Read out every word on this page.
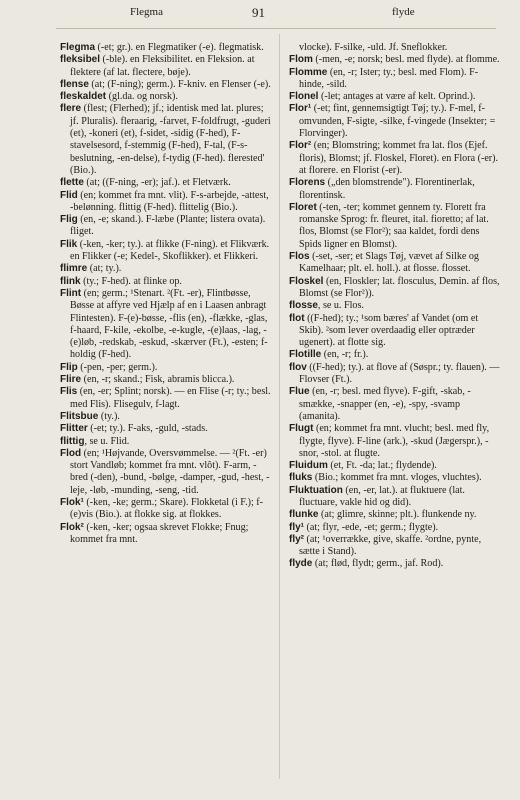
Flegma	91	flyde

Flegma (-et; gr.). en Flegmatiker (-e). flegmatisk.

fleksibel (-ble). en Fleksibilitet. en Fleksion. at flektere (af lat. flectere, bøje).

flense (at; (F-ning); germ.). F-kniv. en Flenser (-e).

fleskaldet (gl.da. og norsk).

flere (flest; (Flerhed); jf.; identisk med lat. plures; jf. Pluralis). fleraarig, -farvet, F-foldfrugt, -guderi (et), -koneri (et), f-sidet, -sidig (F-hed), F-stavelsesord, f-stemmig (F-hed), F-tal, (F-s-beslutning, -en-delse), f-tydig (F-hed). flerested' (Bio.).

flette (at; ((F-ning, -er); jaf.). et Fletværk.

Flid (en; kommet fra mnt. vlit). F-s-arbejde, -attest, -belønning. flittig (F-hed). flittelig (Bio.).

Flig (en, -e; skand.). F-læbe (Plante; listera ovata). fliget.

Flik (-ken, -ker; ty.). at flikke (F-ning). et Flikværk. en Flikker (-e; Kedel-, Skoflikker). et Flikkeri.

flimre (at; ty.).

flink (ty.; F-hed). at flinke op.

Flint (en; germ.; ¹Stenart. ²(Ft. -er), Flintbøsse, Bøsse at affyre ved Hjælp af en i Laasen anbragt Flintesten). F-(e)-bøsse, -flis (en), -flække, -glas, f-haard, F-kile, -ekolbe, -e-kugle, -(e)laas, -lag, -(e)løb, -redskab, -eskud, -skærver (Ft.), -esten; f-holdig (F-hed).

Flip (-pen, -per; germ.).

Flire (en, -r; skand.; Fisk, abramis blicca.).

Flis (en, -er; Splint; norsk). — en Flise (-r; ty.; besl. med Flis). Flisegulv, f-lagt.

Flitsbue (ty.).

Flitter (-et; ty.). F-aks, -guld, -stads.

flittig, se u. Flid.

Flod (en; ¹Højvande, Oversvømmelse. — ²(Ft. -er) stort Vandløb; kommet fra mnt. vlôt). F-arm, -bred (-den), -bund, -bølge, -damper, -gud, -hest, -leje, -løb, -munding, -seng, -tid.

Flok¹ (-ken, -ke; germ.; Skare). Flokketal (i F.); f-(e)vis (Bio.). at flokke sig. at flokkes.

Flok² (-ken, -ker; ogsaa skrevet Flokke; Fnug; kommet fra mnt.

vlocke). F-silke, -uld. Jf. Sneflokker.

Flom (-men, -e; norsk; besl. med flyde). at flomme.

Flomme (en, -r; Ister; ty.; besl. med Flom). F-hinde, -sild.

Flonel (-let; antages at være af kelt. Oprind.).

Flor¹ (-et; fint, gennemsigtigt Tøj; ty.). F-mel, f-omvunden, F-sigte, -silke, f-vingede (Insekter; = Florvinger).

Flor² (en; Blomstring; kommet fra lat. flos (Ejef. floris), Blomst; jf. Floskel, Floret). en Flora (-er). at florere. en Florist (-er).

Florens („den blomstrende"). Florentinerlak, florentinsk.

Floret (-ten, -ter; kommet gennem ty. Florett fra romanske Sprog: fr. fleuret, ital. fioretto; af lat. flos, Blomst (se Flor²); saa kaldet, fordi dens Spids ligner en Blomst).

Flos (-set, -ser; et Slags Tøj, vævet af Silke og Kamelhaar; plt. el. holl.). at flosse. flosset.

Floskel (en, Floskler; lat. flosculus, Demin. af flos, Blomst (se Flor²)).

flosse, se u. Flos.

flot ((F-hed); ty.; ¹som bæres' af Vandet (om et Skib). ²som lever overdaadig eller optræder ugenert). at flotte sig.

Flotille (en, -r; fr.).

flov ((F-hed); ty.). at flove af (Søspr.; ty. flauen). — Flovser (Ft.).

Flue (en, -r; besl. med flyve). F-gift, -skab, -smække, -snapper (en, -e), -spy, -svamp (amanita).

Flugt (en; kommet fra mnt. vlucht; besl. med fly, flygte, flyve). F-line (ark.), -skud (Jægerspr.), -snor, -stol. at flugte.

Fluidum (et, Ft. -da; lat.; flydende).

fluks (Bio.; kommet fra mnt. vloges, vluchtes).

Fluktuation (en, -er, lat.). at fluktuere (lat. fluctuare, vakle hid og did).

flunke (at; glimre, skinne; plt.). flunkende ny.

fly¹ (at; flyr, -ede, -et; germ.; flygte).

fly² (at; ¹overrække, give, skaffe. ²ordne, pynte, sætte i Stand).

flyde (at; flød, flydt; germ., jaf. Rod).
